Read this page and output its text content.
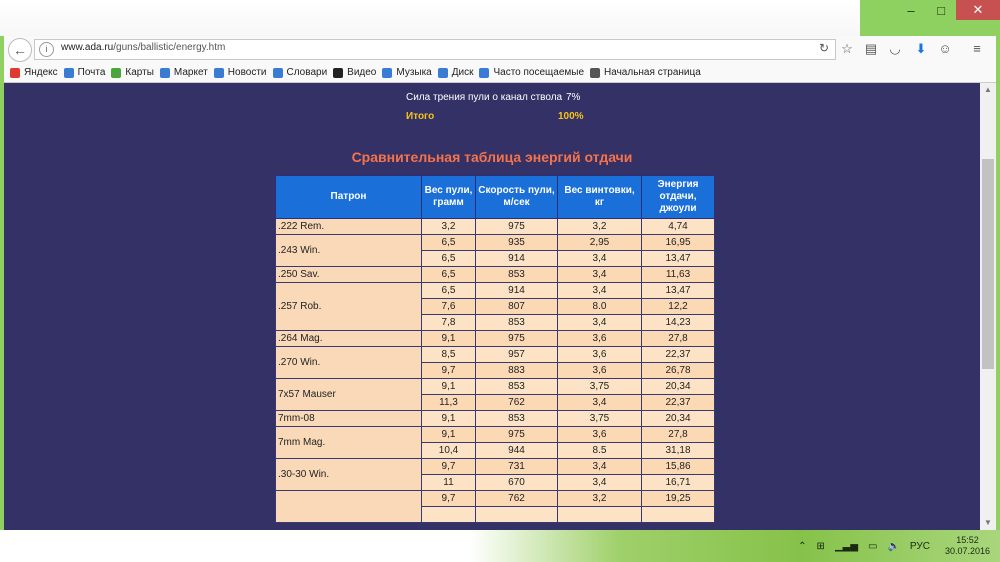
–	□	✕
←	i	www.ada.ru/guns/ballistic/energy.htm	↻ ☆ ▤ ◡ ⬇ ☺	≡
Яндекс Почта Карты Маркет Новости Словари Видео Музыка Диск Часто посещаемые Начальная страница
Сила трения пули о канал ствола 7%
Итого	100%
Сравнительная таблица энергий отдачи
Патрон	Вес пули, грамм	Скорость пули, м/сек	Вес винтовки, кг	Энергия отдачи, джоули
.222 Rem.	3,2	975	3,2	4,74
.243 Win.	6,5	935	2,95	16,95
	6,5	914	3,4	13,47
.250 Sav.	6,5	853	3,4	11,63
.257 Rob.	6,5	914	3,4	13,47
	7,6	807	8.0	12,2
	7,8	853	3,4	14,23
.264 Mag.	9,1	975	3,6	27,8
.270 Win.	8,5	957	3,6	22,37
	9,7	883	3,6	26,78
7x57 Mauser	9,1	853	3,75	20,34
	11,3	762	3,4	22,37
7mm-08	9,1	853	3,75	20,34
7mm Mag.	9,1	975	3,6	27,8
	10,4	944	8.5	31,18
.30-30 Win.	9,7	731	3,4	15,86
	11	670	3,4	16,71
	9,7	762	3,2	19,25

▲
▼
⌃ ⊞ ▁▃▅ ▭ 🔈 РУС
15:52
30.07.2016
